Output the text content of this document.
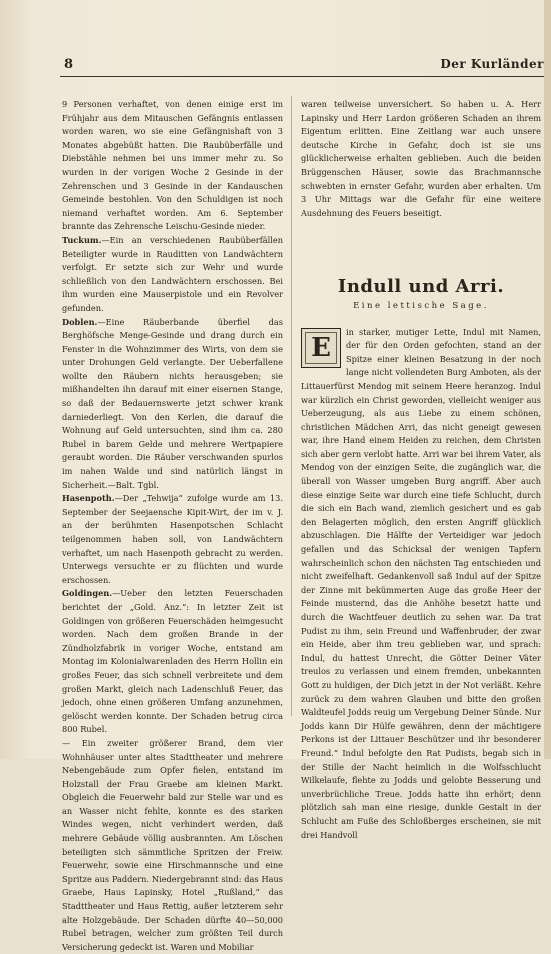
8	Der Kurländer

9 Personen verhaftet, von denen einige erst im Frühjahr aus dem Mitauschen Gefängnis entlassen worden waren, wo sie eine Gefängnishaft von 3 Monates abgebüßt hatten. Die Raubüberfälle und Diebstähle nehmen bei uns immer mehr zu. So wurden in der vorigen Woche 2 Gesinde in der Zehrenschen und 3 Gesinde in der Kandauschen Gemeinde bestohlen. Von den Schuldigen ist noch niemand verhaftet worden. Am 6. September brannte das Zehrensche Leischu-Gesinde nieder.

Tuckum.—Ein an verschiedenen Raubüberfällen Beteiligter wurde in Rauditten von Landwächtern verfolgt. Er setzte sich zur Wehr und wurde schließlich von den Landwächtern erschossen. Bei ihm wurden eine Mauserpistole und ein Revolver gefunden.

Doblen.—Eine Räuberbande überfiel das Berghöfsche Menge-Gesinde und drang durch ein Fenster in die Wohnzimmer des Wirts, von dem sie unter Drohungen Geld verlangte. Der Ueberfallene wollte den Räubern nichts herausgeben; sie mißhandelten ihn darauf mit einer eisernen Stange, so daß der Bedauernswerte jetzt schwer krank darniederliegt. Von den Kerlen, die darauf die Wohnung auf Geld untersuchten, sind ihm ca. 280 Rubel in barem Gelde und mehrere Wertpapiere geraubt worden. Die Räuber verschwanden spurlos im nahen Walde und sind natürlich längst in Sicherheit.—Balt. Tgbl.

Hasenpoth.—Der „Tehwija“ zufolge wurde am 13. September der Seejaensche Kipit-Wirt, der im v. J. an der berühmten Hasenpotschen Schlacht teilgenommen haben soll, von Landwächtern verhaftet, um nach Hasenpoth gebracht zu werden. Unterwegs versuchte er zu flüchten und wurde erschossen.

Goldingen.—Ueber den letzten Feuerschaden berichtet der „Gold. Anz.“: In letzter Zeit ist Goldingen von größeren Feuerschäden heimgesucht worden. Nach dem großen Brande in der Zündholzfabrik in voriger Woche, entstand am Montag im Kolonialwarenladen des Herrn Hollin ein großes Feuer, das sich schnell verbreitete und dem großen Markt, gleich nach Ladenschluß Feuer, das jedoch, ohne einen größeren Umfang anzunehmen, gelöscht werden konnte. Der Schaden betrug circa 800 Rubel.

— Ein zweiter größerer Brand, dem vier Wohnhäuser unter altes Stadttheater und mehrere Nebengebäude zum Opfer fielen, entstand im Holzstall der Frau Graebe am kleinen Markt. Obgleich die Feuerwehr bald zur Stelle war und es an Wasser nicht fehlte, konnte es des starken Windes wegen, nicht verhindert werden, daß mehrere Gebäude völlig ausbrannten. Am Löschen beteiligten sich sämmtliche Spritzen der Freiw. Feuerwehr, sowie eine Hirschmannsche und eine Spritze aus Paddern. Niedergebrannt sind: das Haus Graebe, Haus Lapinsky, Hotel „Rußland,“ das Stadttheater und Haus Rettig, außer letzterem sehr alte Holzgebäude. Der Schaden dürfte 40—50,000 Rubel betragen, welcher zum größten Teil durch Versicherung gedeckt ist. Waren und Mobiliar

waren teilweise unversichert. So haben u. A. Herr Lapinsky und Herr Lardon größeren Schaden an ihrem Eigentum erlitten. Eine Zeitlang war auch unsere deutsche Kirche in Gefahr, doch ist sie uns glücklicherweise erhalten geblieben. Auch die beiden Brüggenschen Häuser, sowie das Brachmannsche schwebten in ernster Gefahr, wurden aber erhalten. Um 3 Uhr Mittags war die Gefahr für eine weitere Ausdehnung des Feuers beseitigt.

Indull und Arri.

Eine lettische Sage.

E
in starker, mutiger Lette, Indul mit Namen, der für den Orden gefochten, stand an der Spitze einer kleinen Besatzung in der noch lange nicht vollendeten Burg Amboten, als der Littauerfürst Mendog mit seinem Heere heranzog. Indul war kürzlich ein Christ geworden, vielleicht weniger aus Ueberzeugung, als aus Liebe zu einem schönen, christlichen Mädchen Arri, das nicht geneigt gewesen war, ihre Hand einem Heiden zu reichen, dem Christen sich aber gern verlobt hatte. Arri war bei ihrem Vater, als Mendog von der einzigen Seite, die zugänglich war, die überall von Wasser umgeben Burg angriff. Aber auch diese einzige Seite war durch eine tiefe Schlucht, durch die sich ein Bach wand, ziemlich gesichert und es gab den Belagerten möglich, den ersten Angriff glücklich abzuschlagen. Die Hälfte der Verteidiger war jedoch gefallen und das Schicksal der wenigen Tapfern wahrscheinlich schon den nächsten Tag entschieden und nicht zweifelhaft. Gedankenvoll saß Indul auf der Spitze der Zinne mit bekümmerten Auge das große Heer der Feinde musternd, das die Anhöhe besetzt hatte und durch die Wachtfeuer deutlich zu sehen war. Da trat Pudist zu ihm, sein Freund und Waffenbruder, der zwar ein Heide, aber ihm treu geblieben war, und sprach: Indul, du hattest Unrecht, die Götter Deiner Väter treulos zu verlassen und einem fremden, unbekannten Gott zu huldigen, der Dich jetzt in der Not verläßt. Kehre zurück zu dem wahren Glauben und bitte den großen Waldteufel Jodds reuig um Vergebung Deiner Sünde. Nur Jodds kann Dir Hülfe gewähren, denn der mächtigere Perkons ist der Littauer Beschützer und ihr besonderer Freund.“ Indul befolgte den Rat Pudists, begab sich in der Stille der Nacht heimlich in die Wolfsschlucht Wilkelaufe, flehte zu Jodds und gelobte Besserung und unverbrüchliche Treue. Jodds hatte ihn erhört; denn plötzlich sah man eine riesige, dunkle Gestalt in der Schlucht am Fuße des Schloßberges erscheinen, sie mit drei Handvoll
